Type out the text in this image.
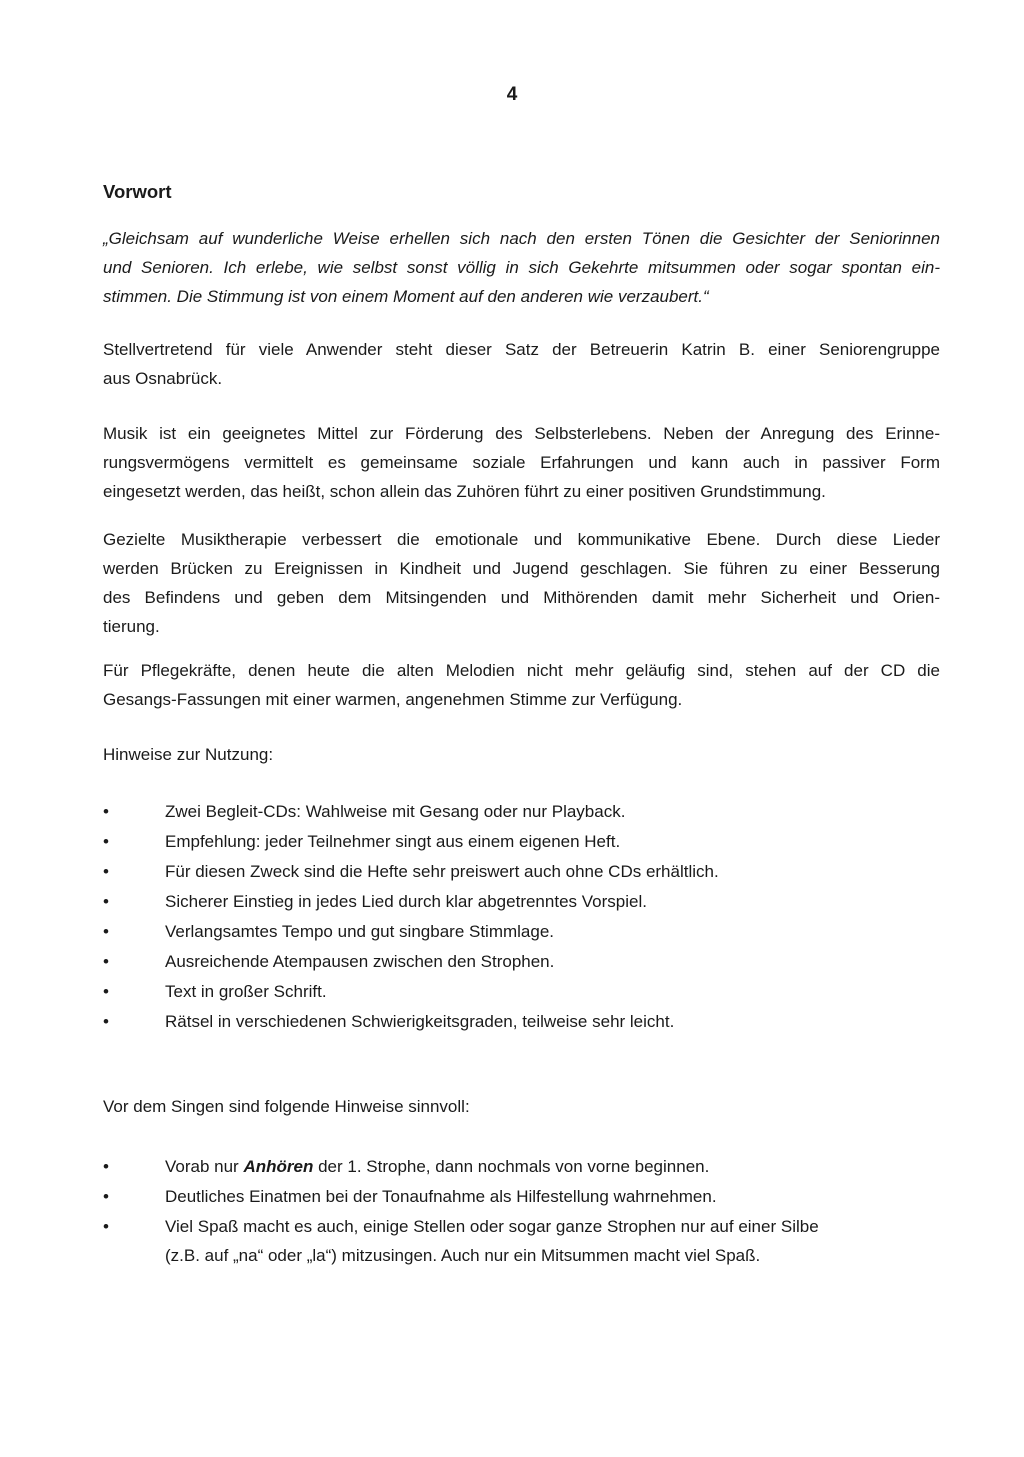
4
Vorwort
„Gleichsam auf wunderliche Weise erhellen sich nach den ersten Tönen die Gesichter der Seniorinnen
und Senioren. Ich erlebe, wie selbst sonst völlig in sich Gekehrte mitsummen oder sogar spontan ein-
stimmen. Die Stimmung ist von einem Moment auf den anderen wie verzaubert.“
Stellvertretend für viele Anwender steht dieser Satz der Betreuerin Katrin B. einer Seniorengruppe
aus Osnabrück.
Musik ist ein geeignetes Mittel zur Förderung des Selbsterlebens. Neben der Anregung des Erinne-
rungsvermögens vermittelt es gemeinsame soziale Erfahrungen und kann auch in passiver Form
eingesetzt werden, das heißt, schon allein das Zuhören führt zu einer positiven Grundstimmung.
Gezielte Musiktherapie verbessert die emotionale und kommunikative Ebene. Durch diese Lieder
werden Brücken zu Ereignissen in Kindheit und Jugend geschlagen. Sie führen zu einer Besserung
des Befindens und geben dem Mitsingenden und Mithörenden damit mehr Sicherheit und Orien-
tierung.
Für Pflegekräfte, denen heute die alten Melodien nicht mehr geläufig sind, stehen auf der CD die
Gesangs-Fassungen mit einer warmen, angenehmen Stimme zur Verfügung.
Hinweise zur Nutzung:
•	Zwei Begleit-CDs: Wahlweise mit Gesang oder nur Playback.
•	Empfehlung: jeder Teilnehmer singt aus einem eigenen Heft.
•	Für diesen Zweck sind die Hefte sehr preiswert auch ohne CDs erhältlich.
•	Sicherer Einstieg in jedes Lied durch klar abgetrenntes Vorspiel.
•	Verlangsamtes Tempo und gut singbare Stimmlage.
•	Ausreichende Atempausen zwischen den Strophen.
•	Text in großer Schrift.
•	Rätsel in verschiedenen Schwierigkeitsgraden, teilweise sehr leicht.
Vor dem Singen sind folgende Hinweise sinnvoll:
•	Vorab nur Anhören der 1. Strophe, dann nochmals von vorne beginnen.
•	Deutliches Einatmen bei der Tonaufnahme als Hilfestellung wahrnehmen.
•	Viel Spaß macht es auch, einige Stellen oder sogar ganze Strophen nur auf einer Silbe
(z.B. auf „na“ oder „la“) mitzusingen. Auch nur ein Mitsummen macht viel Spaß.
